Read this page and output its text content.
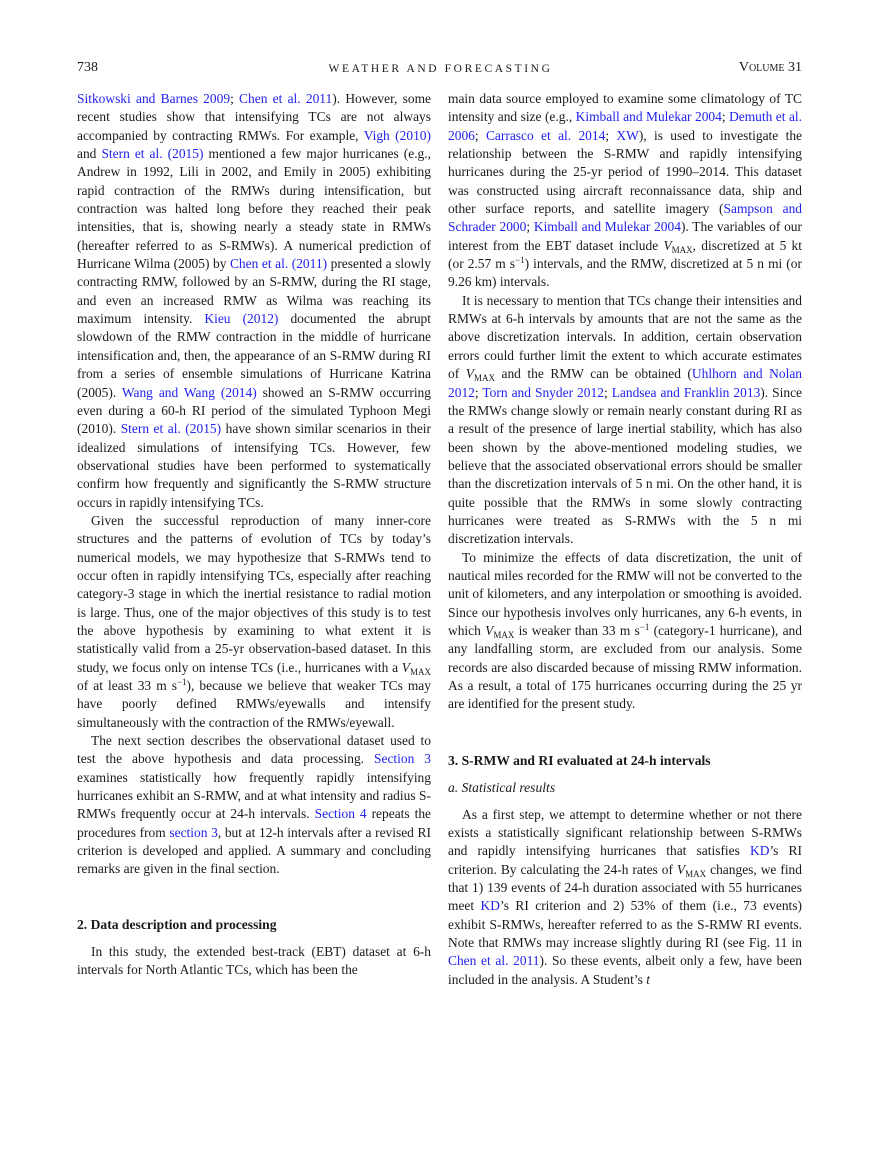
738	WEATHER AND FORECASTING	Volume 31

Sitkowski and Barnes 2009; Chen et al. 2011). However, some recent studies show that intensifying TCs are not always accompanied by contracting RMWs. For example, Vigh (2010) and Stern et al. (2015) mentioned a few major hurricanes (e.g., Andrew in 1992, Lili in 2002, and Emily in 2005) exhibiting rapid contraction of the RMWs during intensification, but contraction was halted long before they reached their peak intensities, that is, showing nearly a steady state in RMWs (hereafter referred to as S-RMWs). A numerical prediction of Hurricane Wilma (2005) by Chen et al. (2011) presented a slowly contracting RMW, followed by an S-RMW, during the RI stage, and even an increased RMW as Wilma was reaching its maximum intensity. Kieu (2012) documented the abrupt slowdown of the RMW contraction in the middle of hurricane intensification and, then, the appearance of an S-RMW during RI from a series of ensemble simulations of Hurricane Katrina (2005). Wang and Wang (2014) showed an S-RMW occurring even during a 60-h RI period of the simulated Typhoon Megi (2010). Stern et al. (2015) have shown similar scenarios in their idealized simulations of intensifying TCs. However, few observational studies have been performed to systematically confirm how frequently and significantly the S-RMW structure occurs in rapidly intensifying TCs.

Given the successful reproduction of many inner-core structures and the patterns of evolution of TCs by today’s numerical models, we may hypothesize that S-RMWs tend to occur often in rapidly intensifying TCs, especially after reaching category-3 stage in which the inertial resistance to radial motion is large. Thus, one of the major objectives of this study is to test the above hypothesis by examining to what extent it is statistically valid from a 25-yr observation-based dataset. In this study, we focus only on intense TCs (i.e., hurricanes with a $V_{MAX}$ of at least 33 m $s^{-1}$), because we believe that weaker TCs may have poorly defined RMWs/eyewalls and intensify simultaneously with the contraction of the RMWs/eyewall.

The next section describes the observational dataset used to test the above hypothesis and data processing. Section 3 examines statistically how frequently rapidly intensifying hurricanes exhibit an S-RMW, and at what intensity and radius S-RMWs frequently occur at 24-h intervals. Section 4 repeats the procedures from section 3, but at 12-h intervals after a revised RI criterion is developed and applied. A summary and concluding remarks are given in the final section.

2. Data description and processing

In this study, the extended best-track (EBT) dataset at 6-h intervals for North Atlantic TCs, which has been the

main data source employed to examine some climatology of TC intensity and size (e.g., Kimball and Mulekar 2004; Demuth et al. 2006; Carrasco et al. 2014; XW), is used to investigate the relationship between the S-RMW and rapidly intensifying hurricanes during the 25-yr period of 1990–2014. This dataset was constructed using aircraft reconnaissance data, ship and other surface reports, and satellite imagery (Sampson and Schrader 2000; Kimball and Mulekar 2004). The variables of our interest from the EBT dataset include $V_{MAX}$, discretized at 5 kt (or 2.57 m $s^{-1}$) intervals, and the RMW, discretized at 5 n mi (or 9.26 km) intervals.

It is necessary to mention that TCs change their intensities and RMWs at 6-h intervals by amounts that are not the same as the above discretization intervals. In addition, certain observation errors could further limit the extent to which accurate estimates of $V_{MAX}$ and the RMW can be obtained (Uhlhorn and Nolan 2012; Torn and Snyder 2012; Landsea and Franklin 2013). Since the RMWs change slowly or remain nearly constant during RI as a result of the presence of large inertial stability, which has also been shown by the above-mentioned modeling studies, we believe that the associated observational errors should be smaller than the discretization intervals of 5 n mi. On the other hand, it is quite possible that the RMWs in some slowly contracting hurricanes were treated as S-RMWs with the 5 n mi discretization intervals.

To minimize the effects of data discretization, the unit of nautical miles recorded for the RMW will not be converted to the unit of kilometers, and any interpolation or smoothing is avoided. Since our hypothesis involves only hurricanes, any 6-h events, in which $V_{MAX}$ is weaker than 33 m $s^{-1}$ (category-1 hurricane), and any landfalling storm, are excluded from our analysis. Some records are also discarded because of missing RMW information. As a result, a total of 175 hurricanes occurring during the 25 yr are identified for the present study.

3. S-RMW and RI evaluated at 24-h intervals
a. Statistical results

As a first step, we attempt to determine whether or not there exists a statistically significant relationship between S-RMWs and rapidly intensifying hurricanes that satisfies KD’s RI criterion. By calculating the 24-h rates of $V_{MAX}$ changes, we find that 1) 139 events of 24-h duration associated with 55 hurricanes meet KD’s RI criterion and 2) 53% of them (i.e., 73 events) exhibit S-RMWs, hereafter referred to as the S-RMW RI events. Note that RMWs may increase slightly during RI (see Fig. 11 in Chen et al. 2011). So these events, albeit only a few, have been included in the analysis. A Student’s t
